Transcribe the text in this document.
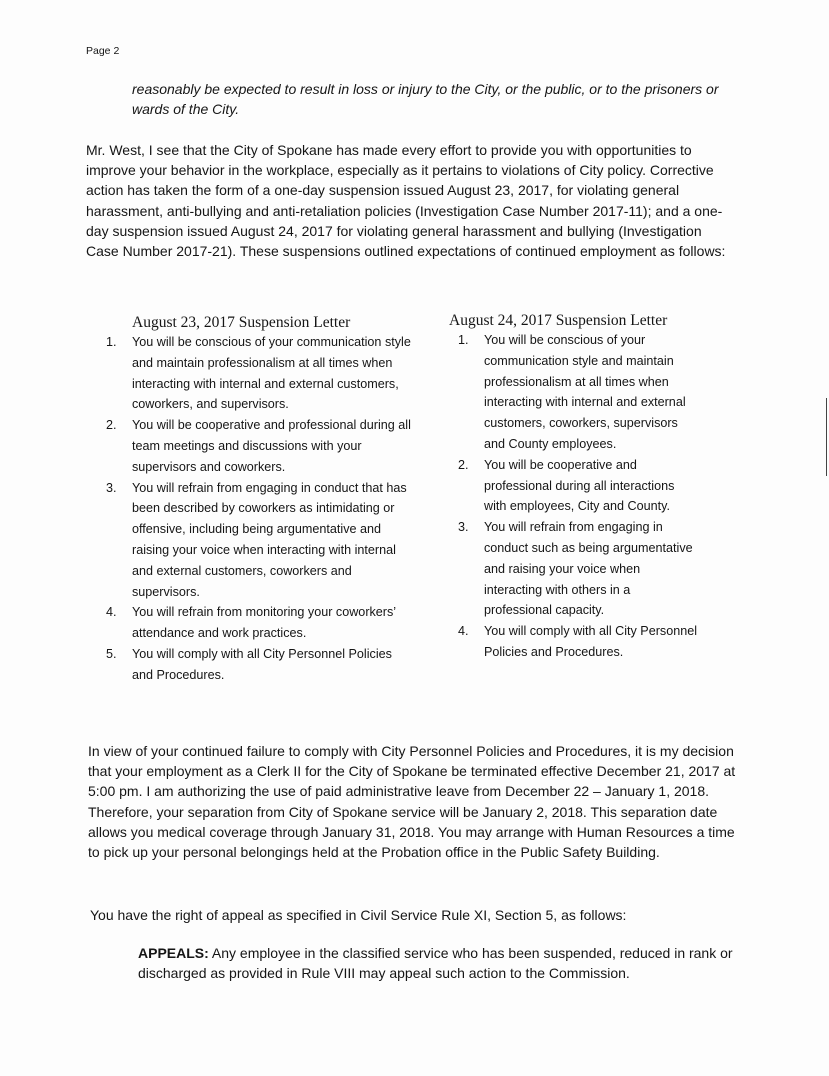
Page 2

reasonably be expected to result in loss or injury to the City, or the public, or to the prisoners or wards of the City.

Mr. West, I see that the City of Spokane has made every effort to provide you with opportunities to improve your behavior in the workplace, especially as it pertains to violations of City policy. Corrective action has taken the form of a one-day suspension issued August 23, 2017, for violating general harassment, anti-bullying and anti-retaliation policies (Investigation Case Number 2017-11); and a one-day suspension issued August 24, 2017 for violating general harassment and bullying (Investigation Case Number 2017-21). These suspensions outlined expectations of continued employment as follows:

August 23, 2017 Suspension Letter
1. You will be conscious of your communication style and maintain professionalism at all times when interacting with internal and external customers, coworkers, and supervisors.
2. You will be cooperative and professional during all team meetings and discussions with your supervisors and coworkers.
3. You will refrain from engaging in conduct that has been described by coworkers as intimidating or offensive, including being argumentative and raising your voice when interacting with internal and external customers, coworkers and supervisors.
4. You will refrain from monitoring your coworkers’ attendance and work practices.
5. You will comply with all City Personnel Policies and Procedures.
August 24, 2017 Suspension Letter
1. You will be conscious of your communication style and maintain professionalism at all times when interacting with internal and external customers, coworkers, supervisors and County employees.
2. You will be cooperative and professional during all interactions with employees, City and County.
3. You will refrain from engaging in conduct such as being argumentative and raising your voice when interacting with others in a professional capacity.
4. You will comply with all City Personnel Policies and Procedures.

In view of your continued failure to comply with City Personnel Policies and Procedures, it is my decision that your employment as a Clerk II for the City of Spokane be terminated effective December 21, 2017 at 5:00 pm. I am authorizing the use of paid administrative leave from December 22 – January 1, 2018. Therefore, your separation from City of Spokane service will be January 2, 2018. This separation date allows you medical coverage through January 31, 2018. You may arrange with Human Resources a time to pick up your personal belongings held at the Probation office in the Public Safety Building.

You have the right of appeal as specified in Civil Service Rule XI, Section 5, as follows:

APPEALS: Any employee in the classified service who has been suspended, reduced in rank or discharged as provided in Rule VIII may appeal such action to the Commission.
